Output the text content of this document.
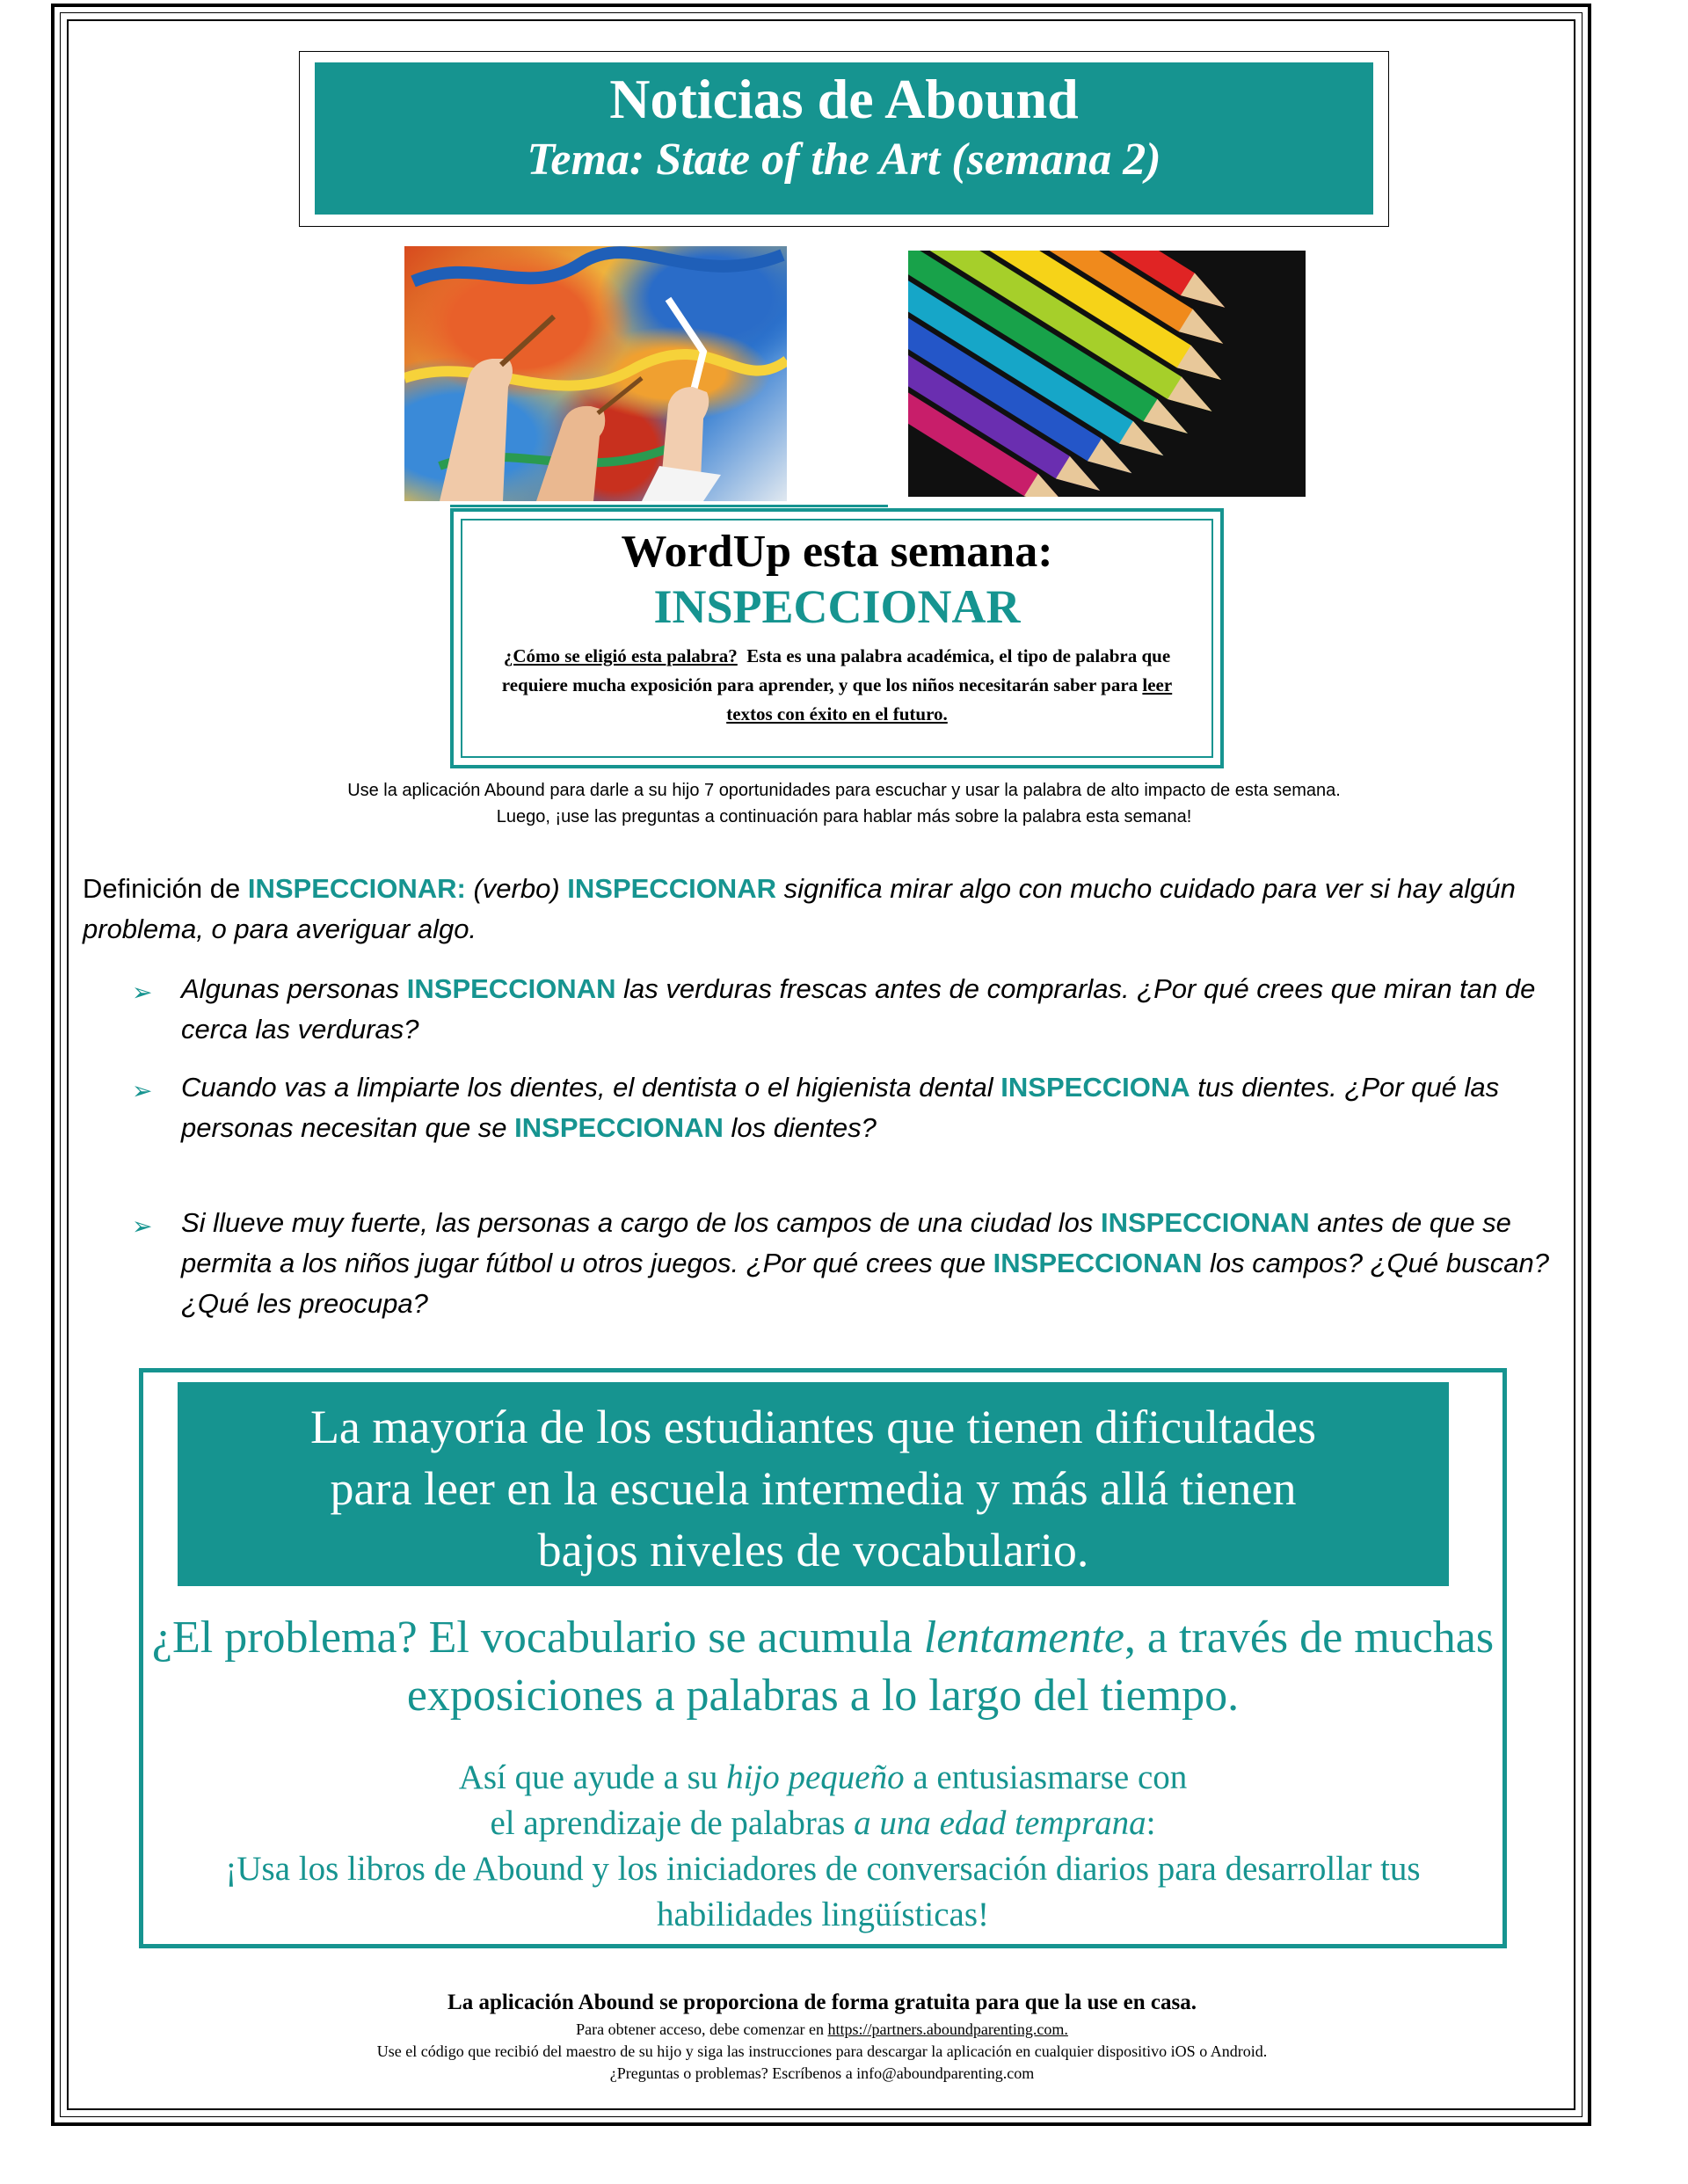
Noticias de Abound
Tema: State of the Art (semana 2)
WordUp esta semana:
INSPECCIONAR
¿Cómo se eligió esta palabra? Esta es una palabra académica, el tipo de palabra que requiere mucha exposición para aprender, y que los niños necesitarán saber para leer textos con éxito en el futuro.
Use la aplicación Abound para darle a su hijo 7 oportunidades para escuchar y usar la palabra de alto impacto de esta semana.
Luego, ¡use las preguntas a continuación para hablar más sobre la palabra esta semana!
Definición de INSPECCIONAR: (verbo) INSPECCIONAR significa mirar algo con mucho cuidado para ver si hay algún problema, o para averiguar algo.
➢ Algunas personas INSPECCIONAN las verduras frescas antes de comprarlas. ¿Por qué crees que miran tan de cerca las verduras?
➢ Cuando vas a limpiarte los dientes, el dentista o el higienista dental INSPECCIONA tus dientes. ¿Por qué las personas necesitan que se INSPECCIONAN los dientes?
➢ Si llueve muy fuerte, las personas a cargo de los campos de una ciudad los INSPECCIONAN antes de que se permita a los niños jugar fútbol u otros juegos. ¿Por qué crees que INSPECCIONAN los campos? ¿Qué buscan? ¿Qué les preocupa?
La mayoría de los estudiantes que tienen dificultades
para leer en la escuela intermedia y más allá tienen
bajos niveles de vocabulario.
¿El problema? El vocabulario se acumula lentamente, a través de muchas exposiciones a palabras a lo largo del tiempo.
Así que ayude a su hijo pequeño a entusiasmarse con
el aprendizaje de palabras a una edad temprana:
¡Usa los libros de Abound y los iniciadores de conversación diarios para desarrollar tus habilidades lingüísticas!
La aplicación Abound se proporciona de forma gratuita para que la use en casa.
Para obtener acceso, debe comenzar en https://partners.aboundparenting.com.
Use el código que recibió del maestro de su hijo y siga las instrucciones para descargar la aplicación en cualquier dispositivo iOS o Android.
¿Preguntas o problemas? Escríbenos a info@aboundparenting.com
